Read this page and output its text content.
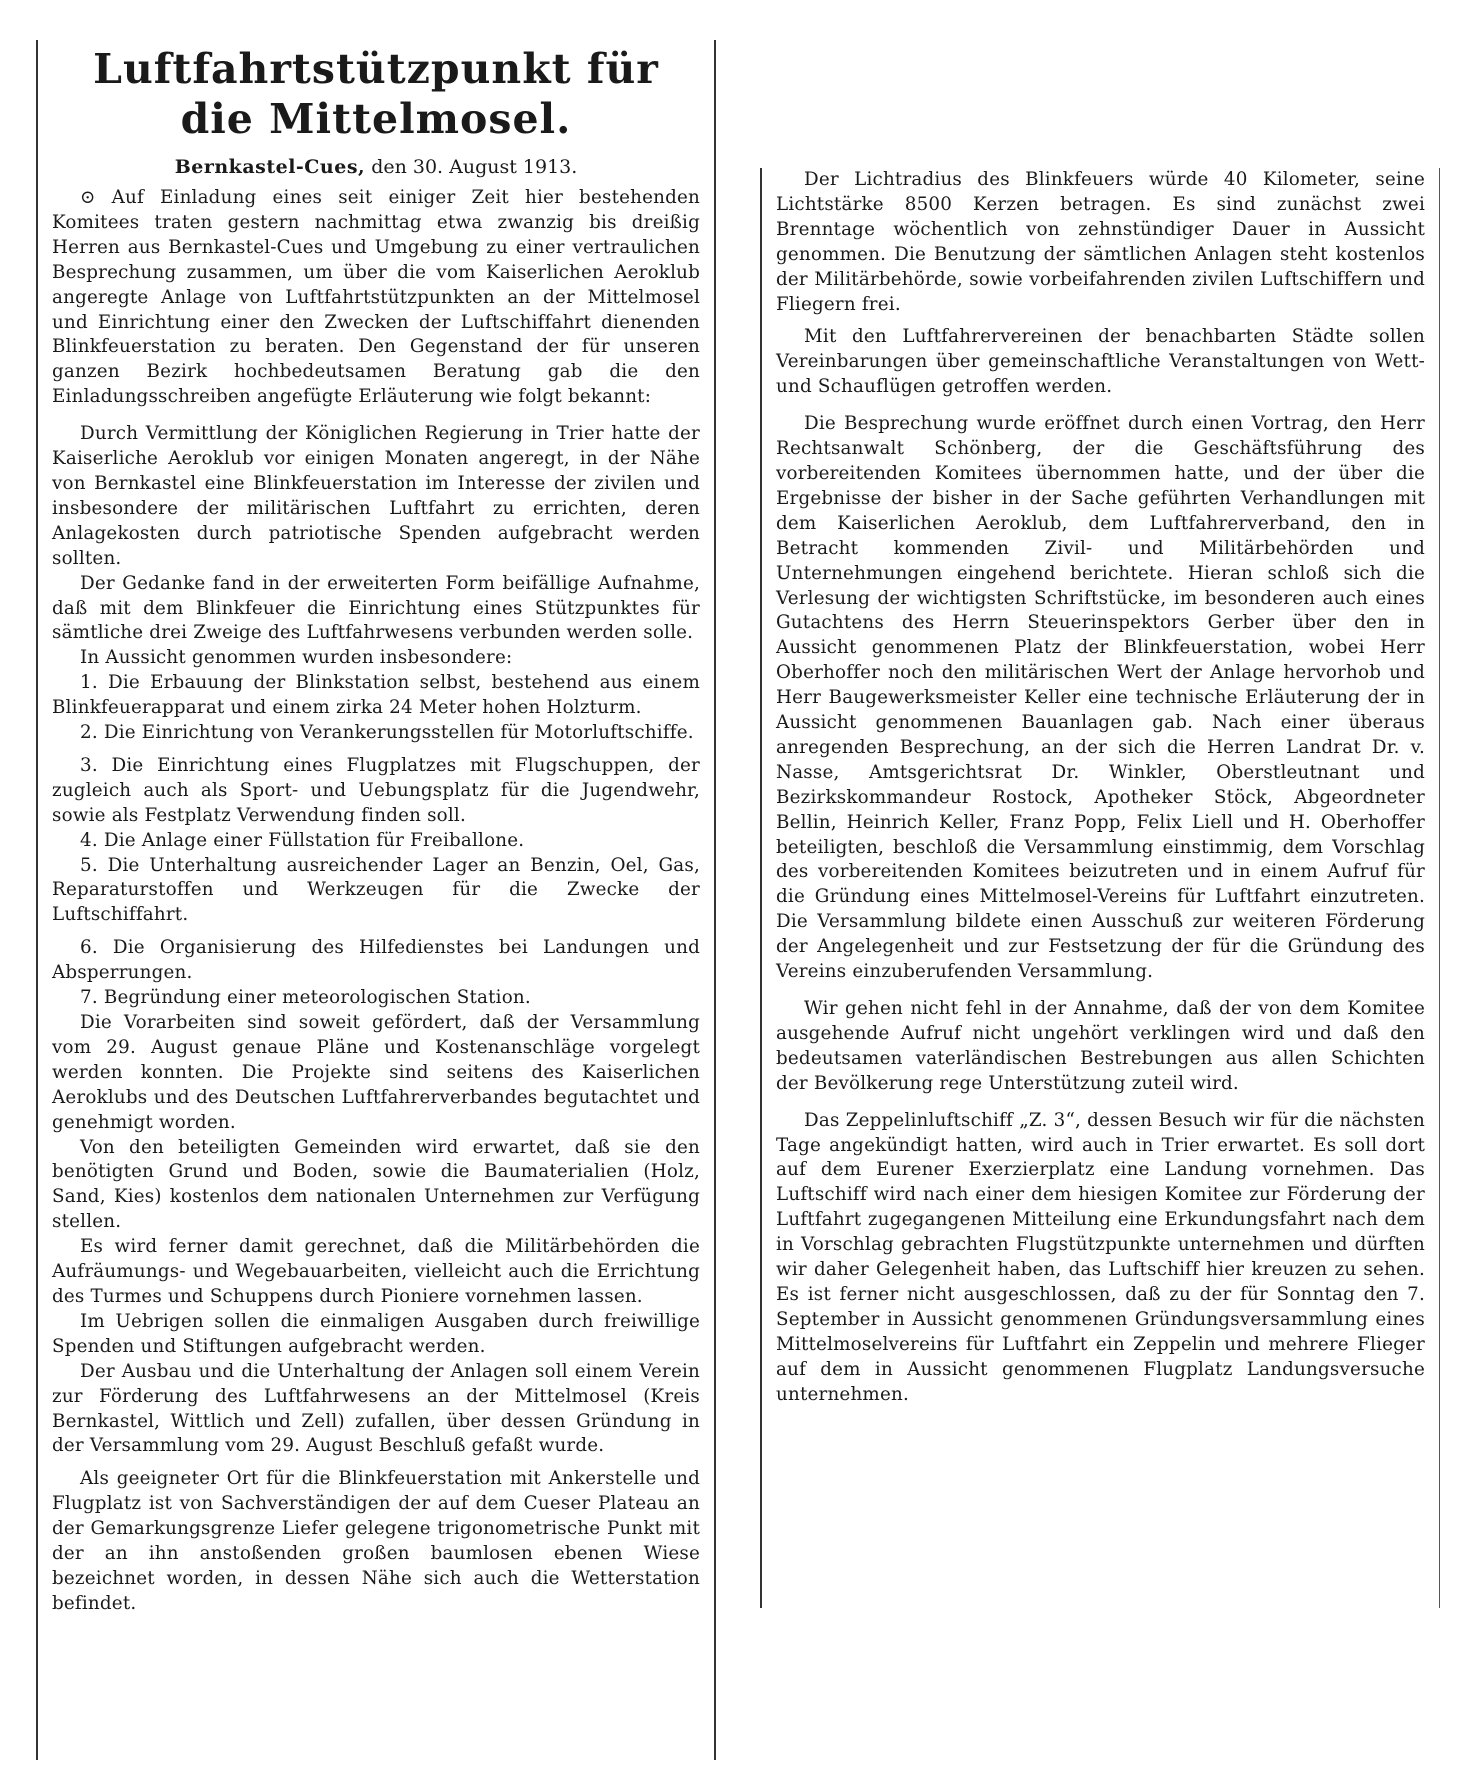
Luftfahrtstützpunkt für die Mittelmosel.
Bernkastel-Cues, den 30. August 1913.

⊙ Auf Einladung eines seit einiger Zeit hier bestehenden Komitees traten gestern nachmittag etwa zwanzig bis dreißig Herren aus Bernkastel-Cues und Umgebung zu einer vertraulichen Besprechung zusammen, um über die vom Kaiserlichen Aeroklub angeregte Anlage von Luftfahrtstützpunkten an der Mittelmosel und Einrichtung einer den Zwecken der Luftschiffahrt dienenden Blinkfeuerstation zu beraten. Den Gegenstand der für unseren ganzen Bezirk hochbedeutsamen Beratung gab die den Einladungsschreiben angefügte Erläuterung wie folgt bekannt:

Durch Vermittlung der Königlichen Regierung in Trier hatte der Kaiserliche Aeroklub vor einigen Monaten angeregt, in der Nähe von Bernkastel eine Blinkfeuerstation im Interesse der zivilen und insbesondere der militärischen Luftfahrt zu errichten, deren Anlagekosten durch patriotische Spenden aufgebracht werden sollten.

Der Gedanke fand in der erweiterten Form beifällige Aufnahme, daß mit dem Blinkfeuer die Einrichtung eines Stützpunktes für sämtliche drei Zweige des Luftfahrwesens verbunden werden solle.

In Aussicht genommen wurden insbesondere:

1. Die Erbauung der Blinkstation selbst, bestehend aus einem Blinkfeuerapparat und einem zirka 24 Meter hohen Holzturm.

2. Die Einrichtung von Verankerungsstellen für Motorluftschiffe.

3. Die Einrichtung eines Flugplatzes mit Flugschuppen, der zugleich auch als Sport- und Uebungsplatz für die Jugendwehr, sowie als Festplatz Verwendung finden soll.

4. Die Anlage einer Füllstation für Freiballone.

5. Die Unterhaltung ausreichender Lager an Benzin, Oel, Gas, Reparaturstoffen und Werkzeugen für die Zwecke der Luftschiffahrt.

6. Die Organisierung des Hilfedienstes bei Landungen und Absperrungen.

7. Begründung einer meteorologischen Station.

Die Vorarbeiten sind soweit gefördert, daß der Versammlung vom 29. August genaue Pläne und Kostenanschläge vorgelegt werden konnten. Die Projekte sind seitens des Kaiserlichen Aeroklubs und des Deutschen Luftfahrerverbandes begutachtet und genehmigt worden.

Von den beteiligten Gemeinden wird erwartet, daß sie den benötigten Grund und Boden, sowie die Baumaterialien (Holz, Sand, Kies) kostenlos dem nationalen Unternehmen zur Verfügung stellen.

Es wird ferner damit gerechnet, daß die Militärbehörden die Aufräumungs- und Wegebauarbeiten, vielleicht auch die Errichtung des Turmes und Schuppens durch Pioniere vornehmen lassen.

Im Uebrigen sollen die einmaligen Ausgaben durch freiwillige Spenden und Stiftungen aufgebracht werden.

Der Ausbau und die Unterhaltung der Anlagen soll einem Verein zur Förderung des Luftfahrwesens an der Mittelmosel (Kreis Bernkastel, Wittlich und Zell) zufallen, über dessen Gründung in der Versammlung vom 29. August Beschluß gefaßt wurde.

Als geeigneter Ort für die Blinkfeuerstation mit Ankerstelle und Flugplatz ist von Sachverständigen der auf dem Cueser Plateau an der Gemarkungsgrenze Liefer gelegene trigonometrische Punkt mit der an ihn anstoßenden großen baumlosen ebenen Wiese bezeichnet worden, in dessen Nähe sich auch die Wetterstation befindet.

Der Lichtradius des Blinkfeuers würde 40 Kilometer, seine Lichtstärke 8500 Kerzen betragen. Es sind zunächst zwei Brenntage wöchentlich von zehnstündiger Dauer in Aussicht genommen. Die Benutzung der sämtlichen Anlagen steht kostenlos der Militärbehörde, sowie vorbeifahrenden zivilen Luftschiffern und Fliegern frei.

Mit den Luftfahrervereinen der benachbarten Städte sollen Vereinbarungen über gemeinschaftliche Veranstaltungen von Wett- und Schauflügen getroffen werden.

Die Besprechung wurde eröffnet durch einen Vortrag, den Herr Rechtsanwalt Schönberg, der die Geschäftsführung des vorbereitenden Komitees übernommen hatte, und der über die Ergebnisse der bisher in der Sache geführten Verhandlungen mit dem Kaiserlichen Aeroklub, dem Luftfahrerverband, den in Betracht kommenden Zivil- und Militärbehörden und Unternehmungen eingehend berichtete. Hieran schloß sich die Verlesung der wichtigsten Schriftstücke, im besonderen auch eines Gutachtens des Herrn Steuerinspektors Gerber über den in Aussicht genommenen Platz der Blinkfeuerstation, wobei Herr Oberhoffer noch den militärischen Wert der Anlage hervorhob und Herr Baugewerksmeister Keller eine technische Erläuterung der in Aussicht genommenen Bauanlagen gab. Nach einer überaus anregenden Besprechung, an der sich die Herren Landrat Dr. v. Nasse, Amtsgerichtsrat Dr. Winkler, Oberstleutnant und Bezirkskommandeur Rostock, Apotheker Stöck, Abgeordneter Bellin, Heinrich Keller, Franz Popp, Felix Liell und H. Oberhoffer beteiligten, beschloß die Versammlung einstimmig, dem Vorschlag des vorbereitenden Komitees beizutreten und in einem Aufruf für die Gründung eines Mittelmosel-Vereins für Luftfahrt einzutreten. Die Versammlung bildete einen Ausschuß zur weiteren Förderung der Angelegenheit und zur Festsetzung der für die Gründung des Vereins einzuberufenden Versammlung.

Wir gehen nicht fehl in der Annahme, daß der von dem Komitee ausgehende Aufruf nicht ungehört verklingen wird und daß den bedeutsamen vaterländischen Bestrebungen aus allen Schichten der Bevölkerung rege Unterstützung zuteil wird.

Das Zeppelinluftschiff „Z. 3“, dessen Besuch wir für die nächsten Tage angekündigt hatten, wird auch in Trier erwartet. Es soll dort auf dem Eurener Exerzierplatz eine Landung vornehmen. Das Luftschiff wird nach einer dem hiesigen Komitee zur Förderung der Luftfahrt zugegangenen Mitteilung eine Erkundungsfahrt nach dem in Vorschlag gebrachten Flugstützpunkte unternehmen und dürften wir daher Gelegenheit haben, das Luftschiff hier kreuzen zu sehen. Es ist ferner nicht ausgeschlossen, daß zu der für Sonntag den 7. September in Aussicht genommenen Gründungsversammlung eines Mittelmoselvereins für Luftfahrt ein Zeppelin und mehrere Flieger auf dem in Aussicht genommenen Flugplatz Landungsversuche unternehmen.
